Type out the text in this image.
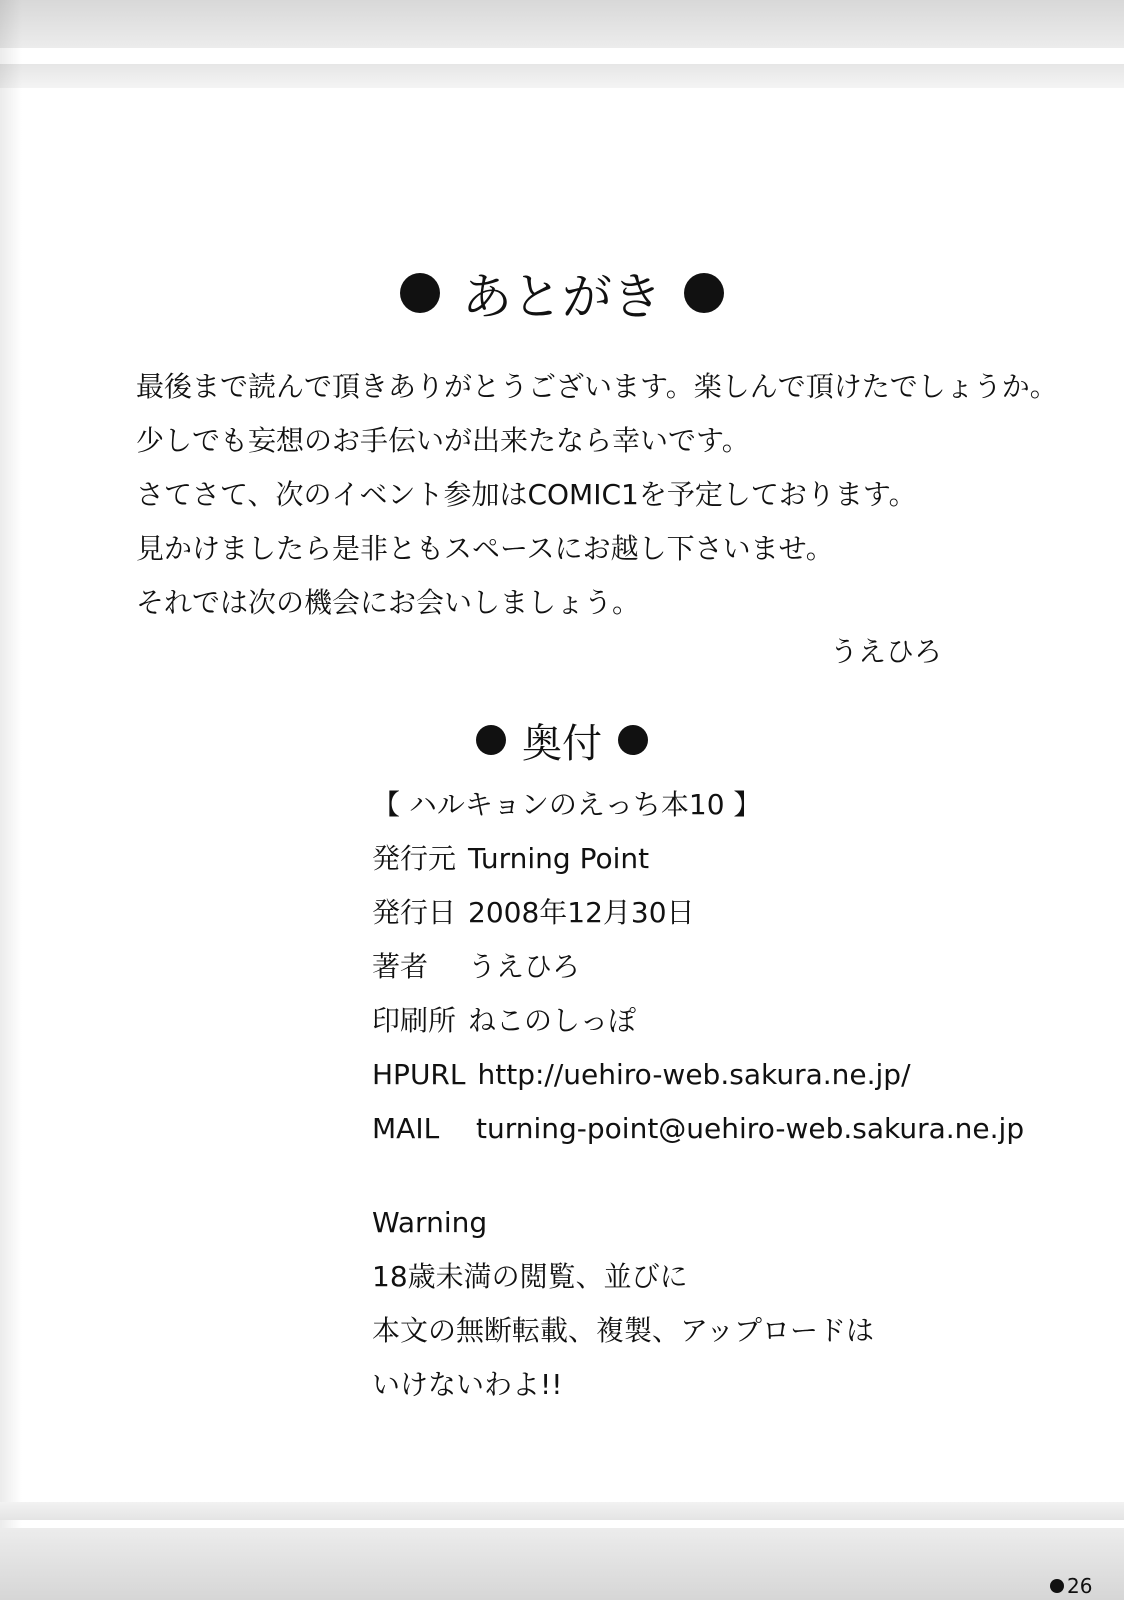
あとがき
最後まで読んで頂きありがとうございます。楽しんで頂けたでしょうか。
少しでも妄想のお手伝いが出来たなら幸いです。
さてさて、次のイベント参加はCOMIC1を予定しております。
見かけましたら是非ともスペースにお越し下さいませ。
それでは次の機会にお会いしましょう。
うえひろ
奥付
【 ハルキョンのえっち本10 】
発行元 Turning Point
発行日 2008年12月30日
著者	うえひろ
印刷所 ねこのしっぽ
HPURL http://uehiro-web.sakura.ne.jp/
MAIL	turning-point@uehiro-web.sakura.ne.jp
Warning
18歳未満の閲覧、並びに
本文の無断転載、複製、アップロードは
いけないわよ!!
26
